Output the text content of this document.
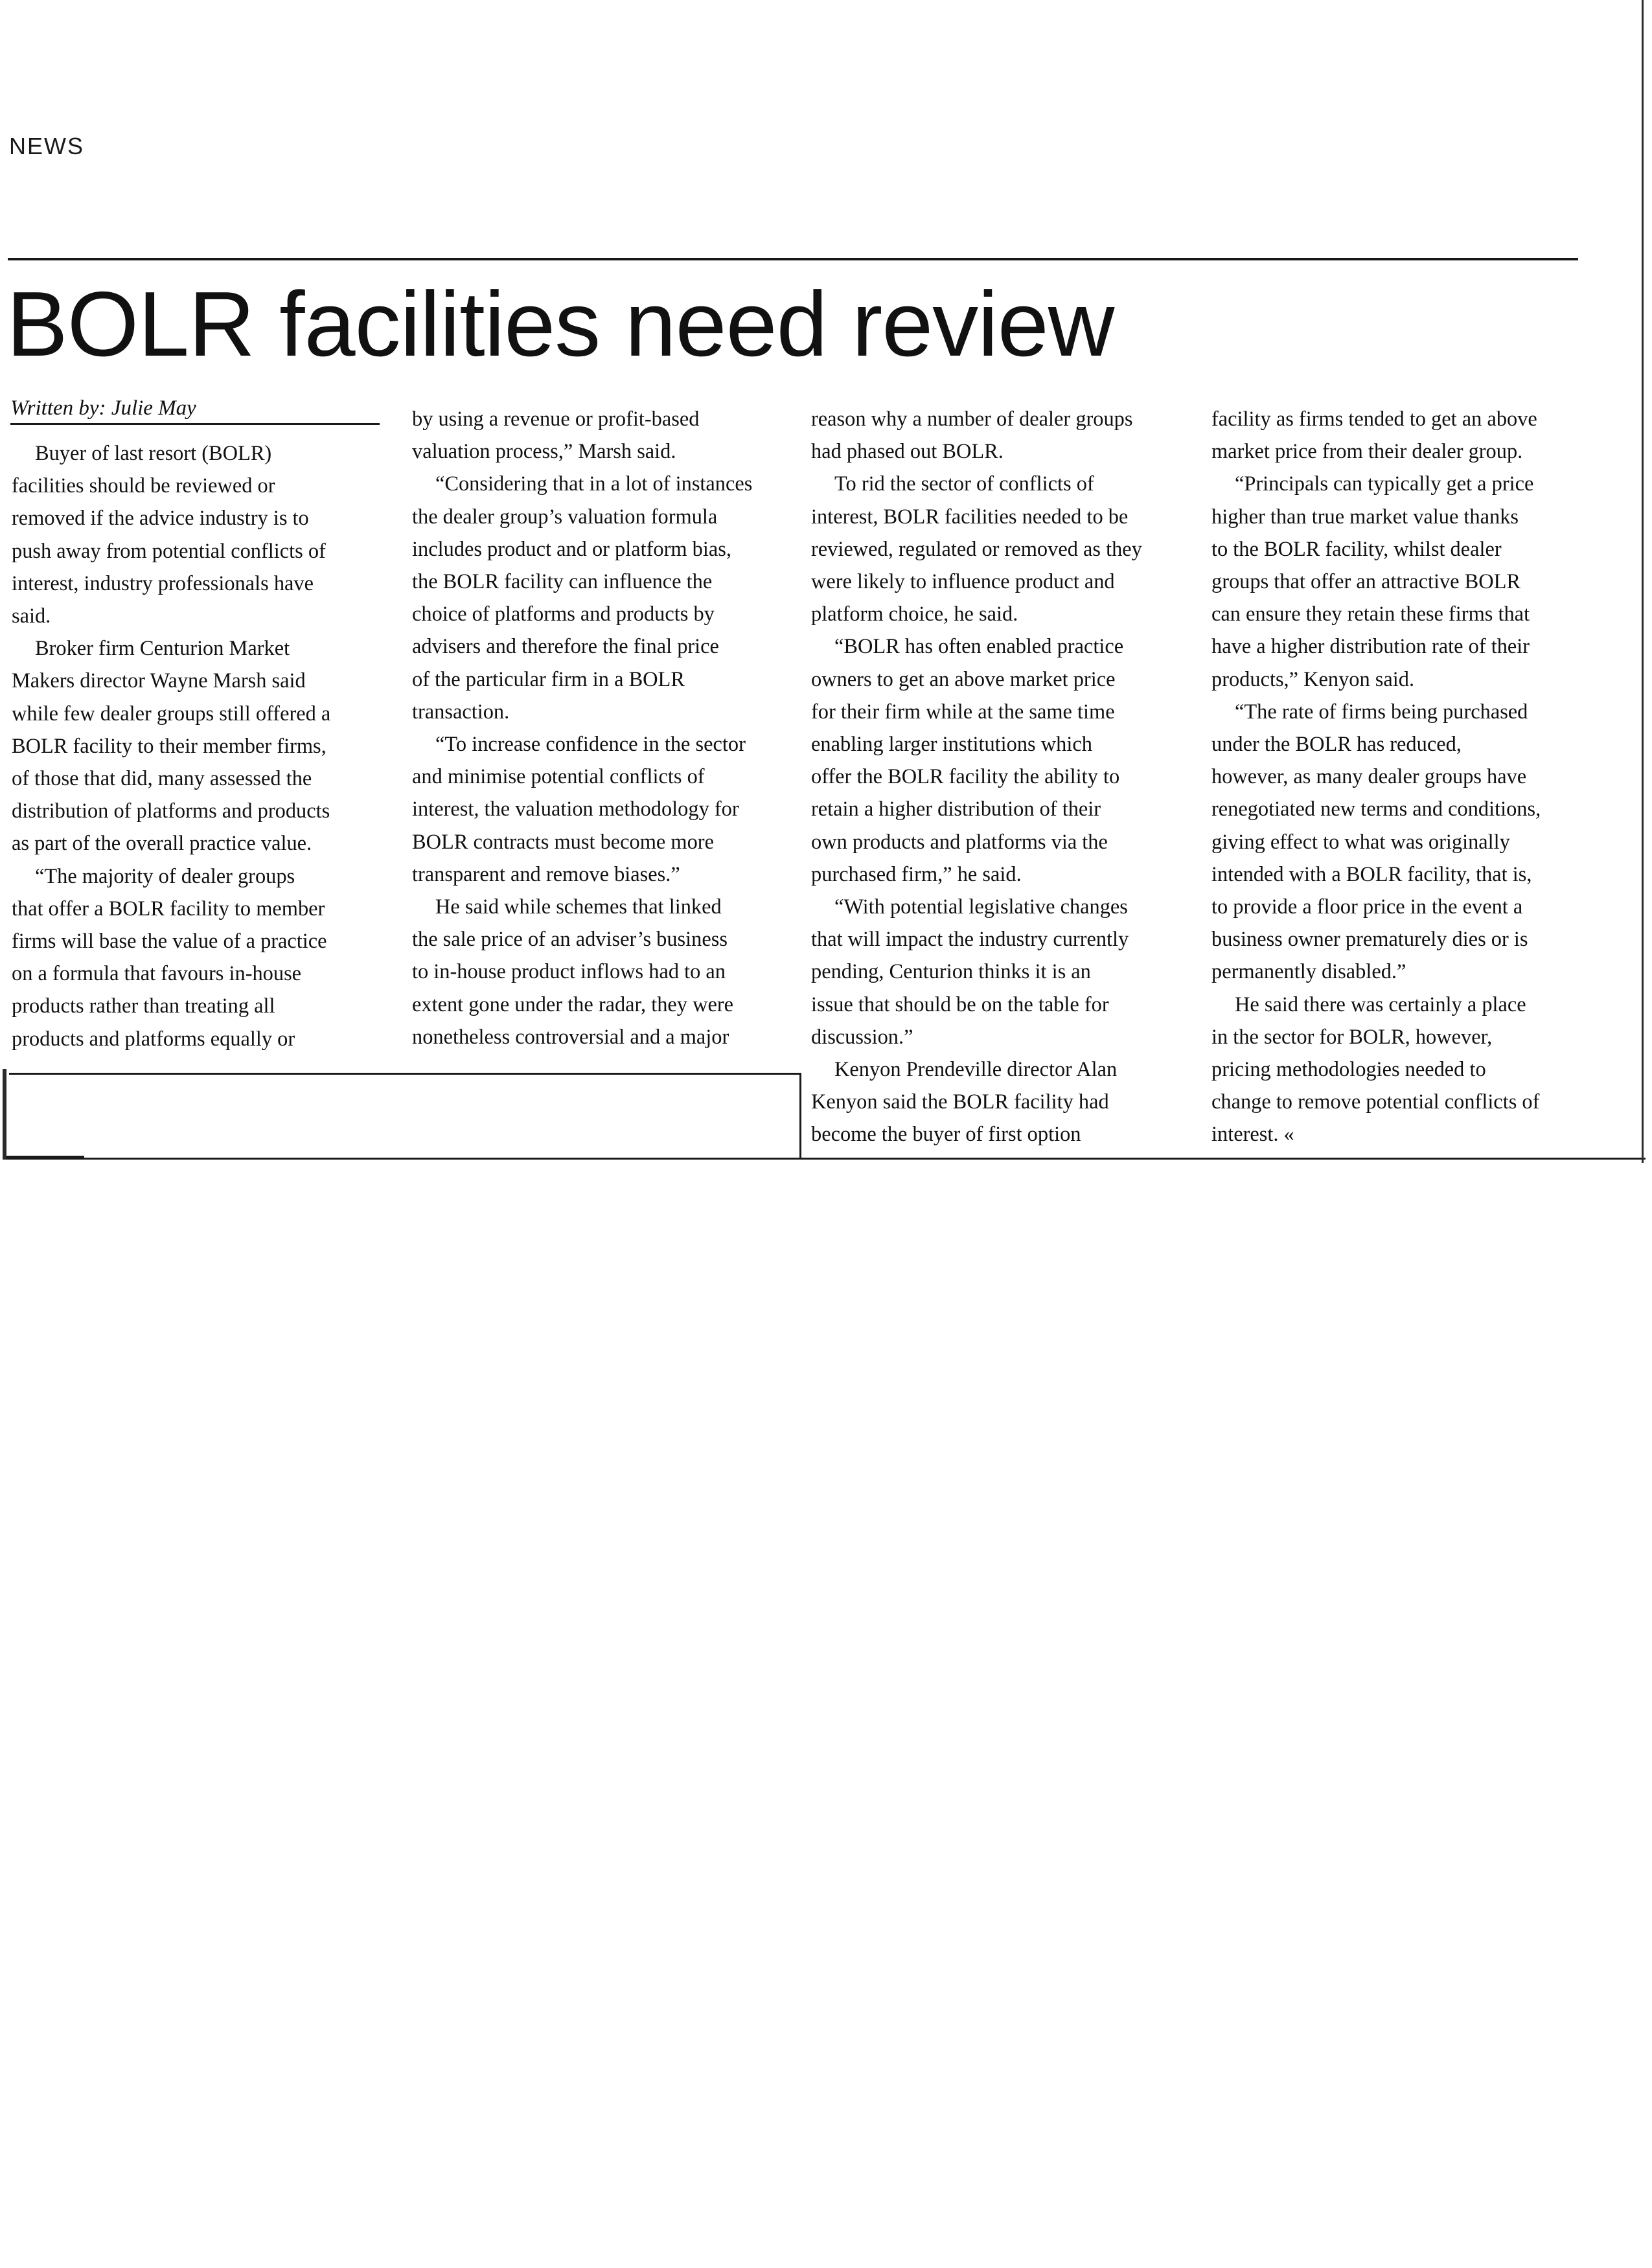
NEWS
BOLR facilities need review
Written by: Julie May

Buyer of last resort (BOLR)

facilities should be reviewed or

removed if the advice industry is to

push away from potential conflicts of

interest, industry professionals have

said.

Broker firm Centurion Market

Makers director Wayne Marsh said

while few dealer groups still offered a

BOLR facility to their member firms,

of those that did, many assessed the

distribution of platforms and products

as part of the overall practice value.

“The majority of dealer groups

that offer a BOLR facility to member

firms will base the value of a practice

on a formula that favours in-house

products rather than treating all

products and platforms equally or

by using a revenue or profit-based

valuation process,” Marsh said.

“Considering that in a lot of instances

the dealer group’s valuation formula

includes product and or platform bias,

the BOLR facility can influence the

choice of platforms and products by

advisers and therefore the final price

of the particular firm in a BOLR

transaction.

“To increase confidence in the sector

and minimise potential conflicts of

interest, the valuation methodology for

BOLR contracts must become more

transparent and remove biases.”

He said while schemes that linked

the sale price of an adviser’s business

to in-house product inflows had to an

extent gone under the radar, they were

nonetheless controversial and a major

reason why a number of dealer groups

had phased out BOLR.

To rid the sector of conflicts of

interest, BOLR facilities needed to be

reviewed, regulated or removed as they

were likely to influence product and

platform choice, he said.

“BOLR has often enabled practice

owners to get an above market price

for their firm while at the same time

enabling larger institutions which

offer the BOLR facility the ability to

retain a higher distribution of their

own products and platforms via the

purchased firm,” he said.

“With potential legislative changes

that will impact the industry currently

pending, Centurion thinks it is an

issue that should be on the table for

discussion.”

Kenyon Prendeville director Alan

Kenyon said the BOLR facility had

become the buyer of first option

facility as firms tended to get an above

market price from their dealer group.

“Principals can typically get a price

higher than true market value thanks

to the BOLR facility, whilst dealer

groups that offer an attractive BOLR

can ensure they retain these firms that

have a higher distribution rate of their

products,” Kenyon said.

“The rate of firms being purchased

under the BOLR has reduced,

however, as many dealer groups have

renegotiated new terms and conditions,

giving effect to what was originally

intended with a BOLR facility, that is,

to provide a floor price in the event a

business owner prematurely dies or is

permanently disabled.”

He said there was certainly a place

in the sector for BOLR, however,

pricing methodologies needed to

change to remove potential conflicts of

interest. «
